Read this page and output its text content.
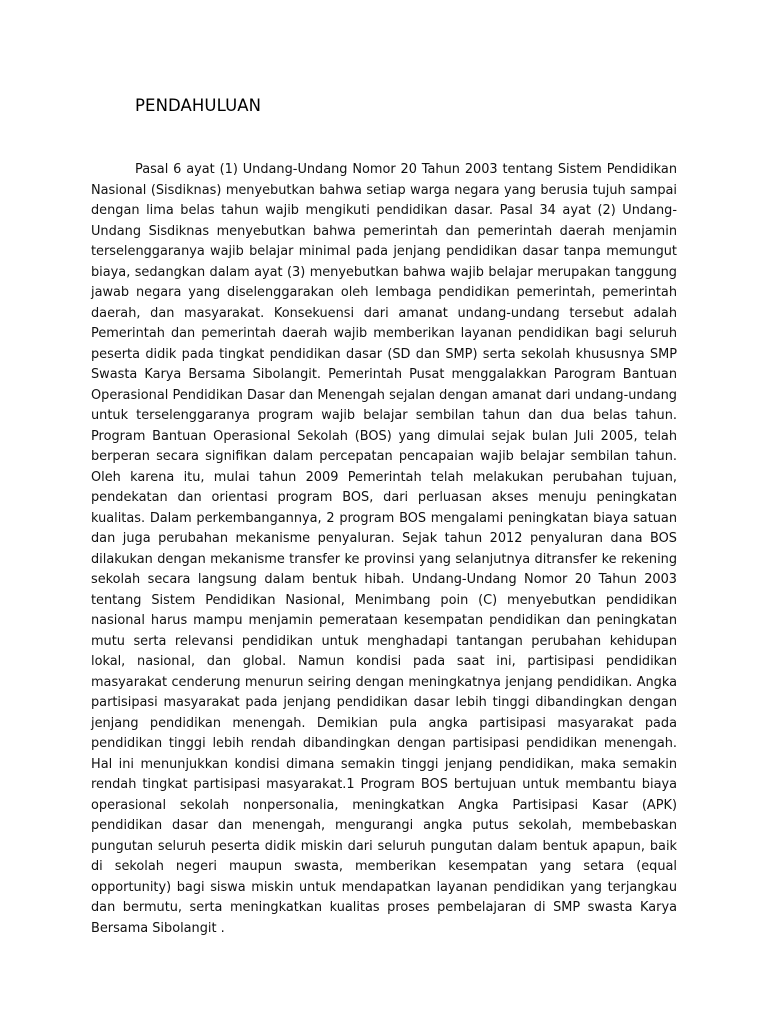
PENDAHULUAN

Pasal 6 ayat (1) Undang-Undang Nomor 20 Tahun 2003 tentang Sistem Pendidikan Nasional (Sisdiknas) menyebutkan bahwa setiap warga negara yang berusia tujuh sampai dengan lima belas tahun wajib mengikuti pendidikan dasar. Pasal 34 ayat (2) Undang-Undang Sisdiknas menyebutkan bahwa pemerintah dan pemerintah daerah menjamin terselenggaranya wajib belajar minimal pada jenjang pendidikan dasar tanpa memungut biaya, sedangkan dalam ayat (3) menyebutkan bahwa wajib belajar merupakan tanggung jawab negara yang diselenggarakan oleh lembaga pendidikan pemerintah, pemerintah daerah, dan masyarakat. Konsekuensi dari amanat undang-undang tersebut adalah Pemerintah dan pemerintah daerah wajib memberikan layanan pendidikan bagi seluruh peserta didik pada tingkat pendidikan dasar (SD dan SMP) serta sekolah khususnya SMP Swasta Karya Bersama Sibolangit. Pemerintah Pusat menggalakkan Parogram Bantuan Operasional Pendidikan Dasar dan Menengah sejalan dengan amanat dari undang-undang untuk terselenggaranya program wajib belajar sembilan tahun dan dua belas tahun. Program Bantuan Operasional Sekolah (BOS) yang dimulai sejak bulan Juli 2005, telah berperan secara signifikan dalam percepatan pencapaian wajib belajar sembilan tahun. Oleh karena itu, mulai tahun 2009 Pemerintah telah melakukan perubahan tujuan, pendekatan dan orientasi program BOS, dari perluasan akses menuju peningkatan kualitas. Dalam perkembangannya, 2 program BOS mengalami peningkatan biaya satuan dan juga perubahan mekanisme penyaluran. Sejak tahun 2012 penyaluran dana BOS dilakukan dengan mekanisme transfer ke provinsi yang selanjutnya ditransfer ke rekening sekolah secara langsung dalam bentuk hibah. Undang-Undang Nomor 20 Tahun 2003 tentang Sistem Pendidikan Nasional, Menimbang poin (C) menyebutkan pendidikan nasional harus mampu menjamin pemerataan kesempatan pendidikan dan peningkatan mutu serta relevansi pendidikan untuk menghadapi tantangan perubahan kehidupan lokal, nasional, dan global. Namun kondisi pada saat ini, partisipasi pendidikan masyarakat cenderung menurun seiring dengan meningkatnya jenjang pendidikan. Angka partisipasi masyarakat pada jenjang pendidikan dasar lebih tinggi dibandingkan dengan jenjang pendidikan menengah. Demikian pula angka partisipasi masyarakat pada pendidikan tinggi lebih rendah dibandingkan dengan partisipasi pendidikan menengah. Hal ini menunjukkan kondisi dimana semakin tinggi jenjang pendidikan, maka semakin rendah tingkat partisipasi masyarakat.1 Program BOS bertujuan untuk membantu biaya operasional sekolah nonpersonalia, meningkatkan Angka Partisipasi Kasar (APK) pendidikan dasar dan menengah, mengurangi angka putus sekolah, membebaskan pungutan seluruh peserta didik miskin dari seluruh pungutan dalam bentuk apapun, baik di sekolah negeri maupun swasta, memberikan kesempatan yang setara (equal opportunity) bagi siswa miskin untuk mendapatkan layanan pendidikan yang terjangkau dan bermutu, serta meningkatkan kualitas proses pembelajaran di SMP swasta Karya Bersama Sibolangit .
